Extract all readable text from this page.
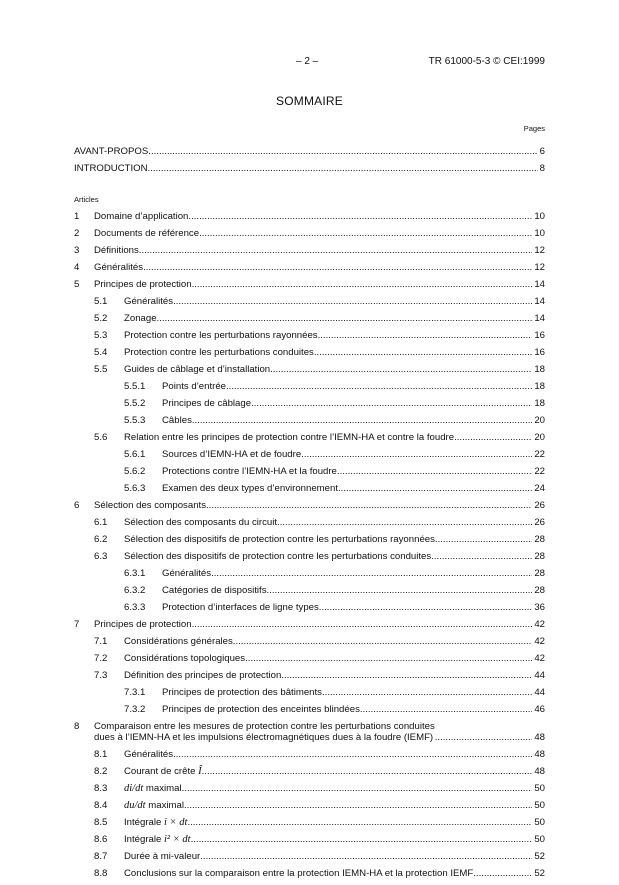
– 2 –	TR 61000-5-3 © CEI:1999
SOMMAIRE
Pages
AVANT-PROPOS .....	6
INTRODUCTION .....	8
Articles
1 Domaine d’application .....	10
2 Documents de référence .....	10
3 Définitions .....	12
4 Généralités .....	12
5 Principes de protection .....	14
5.1 Généralités .....	14
5.2 Zonage .....	14
5.3 Protection contre les perturbations rayonnées .....	16
5.4 Protection contre les perturbations conduites .....	16
5.5 Guides de câblage et d’installation .....	18
5.5.1 Points d’entrée .....	18
5.5.2 Principes de câblage .....	18
5.5.3 Câbles .....	20
5.6 Relation entre les principes de protection contre l’IEMN-HA et contre la foudre .....	20
5.6.1 Sources d’IEMN-HA et de foudre .....	22
5.6.2 Protections contre l’IEMN-HA et la foudre .....	22
5.6.3 Examen des deux types d’environnement .....	24
6 Sélection des composants .....	26
6.1 Sélection des composants du circuit .....	26
6.2 Sélection des dispositifs de protection contre les perturbations rayonnées .....	28
6.3 Sélection des dispositifs de protection contre les perturbations conduites .....	28
6.3.1 Généralités .....	28
6.3.2 Catégories de dispositifs .....	28
6.3.3 Protection d’interfaces de ligne types .....	36
7 Principes de protection .....	42
7.1 Considérations générales .....	42
7.2 Considérations topologiques .....	42
7.3 Définition des principes de protection .....	44
7.3.1 Principes de protection des bâtiments .....	44
7.3.2 Principes de protection des enceintes blindées .....	46
8 Comparaison entre les mesures de protection contre les perturbations conduites
dues à l’IEMN-HA et les impulsions électromagnétiques dues à la foudre (IEMF) .....	48
8.1 Généralités .....	48
8.2 Courant de crête Î .....	48
8.3 di/dt maximal .....	50
8.4 du/dt maximal .....	50
8.5 Intégrale i × dt .....	50
8.6 Intégrale i² × dt .....	50
8.7 Durée à mi-valeur .....	52
8.8 Conclusions sur la comparaison entre la protection IEMN-HA et la protection IEMF .....	52
